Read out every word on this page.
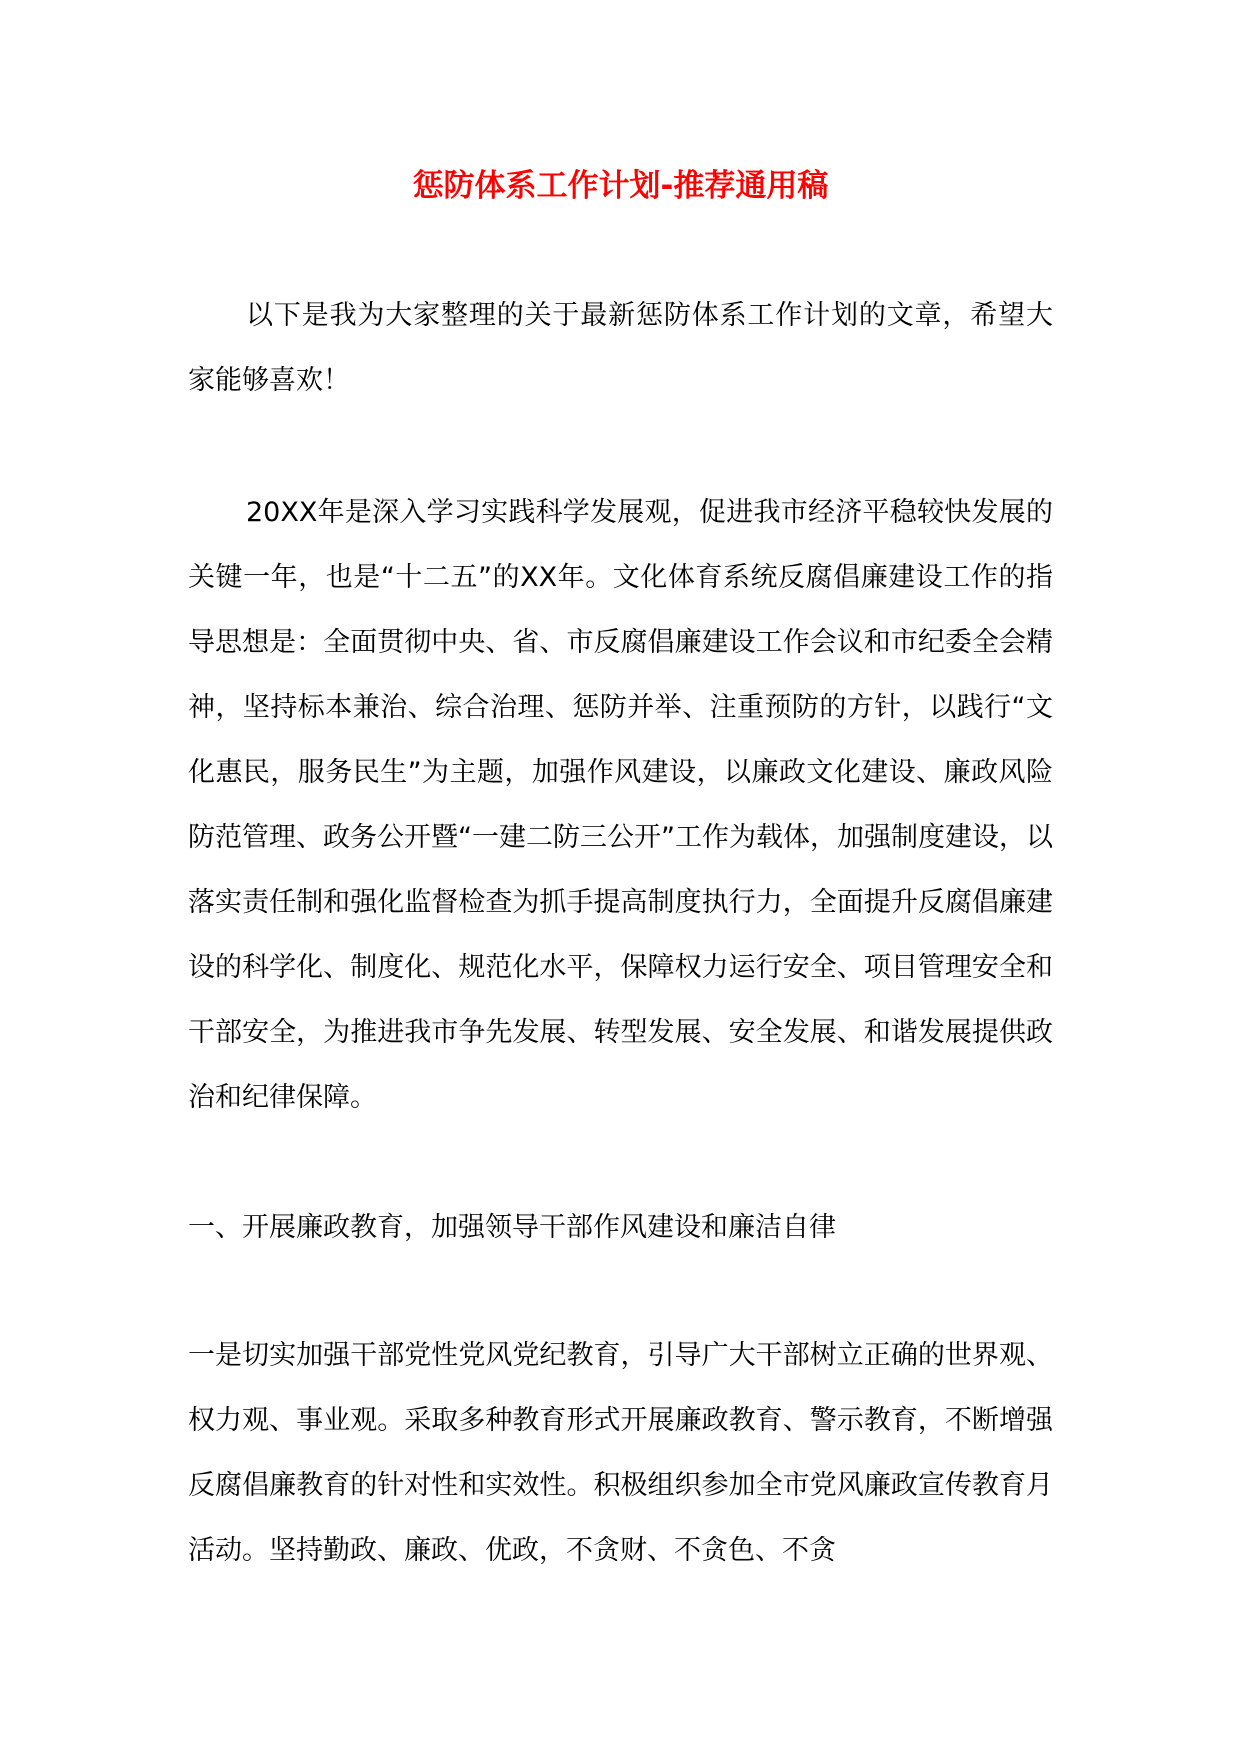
惩防体系工作计划-推荐通用稿

以下是我为大家整理的关于最新惩防体系工作计划的文章，希望大家能够喜欢！

20XX年是深入学习实践科学发展观，促进我市经济平稳较快发展的关键一年，也是“十二五”的XX年。文化体育系统反腐倡廉建设工作的指导思想是：全面贯彻中央、省、市反腐倡廉建设工作会议和市纪委全会精神，坚持标本兼治、综合治理、惩防并举、注重预防的方针，以践行“文化惠民，服务民生”为主题，加强作风建设，以廉政文化建设、廉政风险防范管理、政务公开暨“一建二防三公开”工作为载体，加强制度建设，以落实责任制和强化监督检查为抓手提高制度执行力，全面提升反腐倡廉建设的科学化、制度化、规范化水平，保障权力运行安全、项目管理安全和干部安全，为推进我市争先发展、转型发展、安全发展、和谐发展提供政治和纪律保障。

一、开展廉政教育，加强领导干部作风建设和廉洁自律

一是切实加强干部党性党风党纪教育，引导广大干部树立正确的世界观、权力观、事业观。采取多种教育形式开展廉政教育、警示教育，不断增强反腐倡廉教育的针对性和实效性。积极组织参加全市党风廉政宣传教育月活动。坚持勤政、廉政、优政，不贪财、不贪色、不贪
